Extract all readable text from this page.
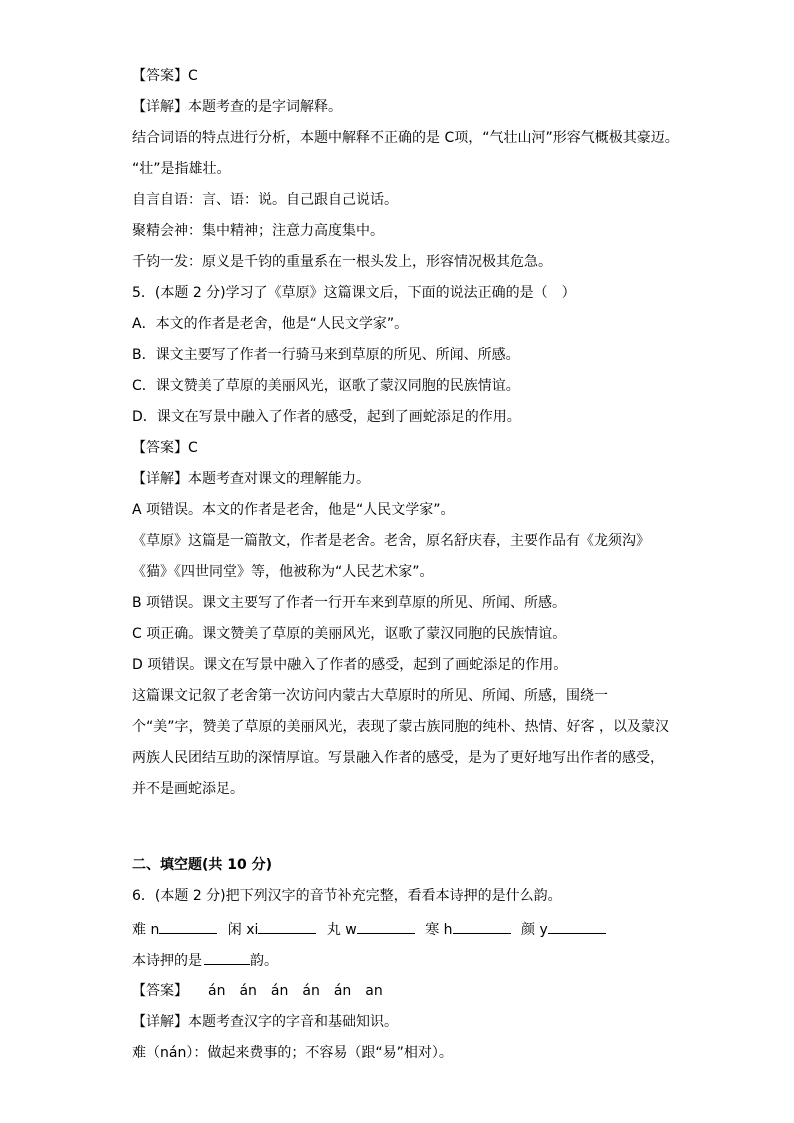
【答案】C
【详解】本题考查的是字词解释。
结合词语的特点进行分析，本题中解释不正确的是 C项，“气壮山河”形容气概极其豪迈。
“壮”是指雄壮。
自言自语：言、语：说。自己跟自己说话。
聚精会神：集中精神；注意力高度集中。
千钧一发：原义是千钧的重量系在一根头发上，形容情况极其危急。
5．(本题 2 分)学习了《草原》这篇课文后，下面的说法正确的是（　）
A．本文的作者是老舍，他是“人民文学家”。
B．课文主要写了作者一行骑马来到草原的所见、所闻、所感。
C．课文赞美了草原的美丽风光，讴歌了蒙汉同胞的民族情谊。
D．课文在写景中融入了作者的感受，起到了画蛇添足的作用。
【答案】C
【详解】本题考查对课文的理解能力。
A 项错误。本文的作者是老舍，他是“人民文学家”。
《草原》这篇是一篇散文，作者是老舍。老舍，原名舒庆春，主要作品有《龙须沟》
《猫》《四世同堂》等，他被称为“人民艺术家”。
B 项错误。课文主要写了作者一行开车来到草原的所见、所闻、所感。
C 项正确。课文赞美了草原的美丽风光，讴歌了蒙汉同胞的民族情谊。
D 项错误。课文在写景中融入了作者的感受，起到了画蛇添足的作用。
这篇课文记叙了老舍第一次访问内蒙古大草原时的所见、所闻、所感，围绕一个“美”字，赞美了草原的美丽风光，表现了蒙古族同胞的纯朴、热情、好客 ，以及蒙汉两族人民团结互助的深情厚谊。写景融入作者的感受，是为了更好地写出作者的感受，并不是画蛇添足。
二、填空题(共 10 分)
6．(本题 2 分)把下列汉字的音节补充完整，看看本诗押的是什么韵。
难 n	闲 xi	丸 w	寒 h	颜 y
本诗押的是	韵。
【答案】 án án án án án an
【详解】本题考查汉字的字音和基础知识。
难（nán）：做起来费事的；不容易（跟“易”相对）。
